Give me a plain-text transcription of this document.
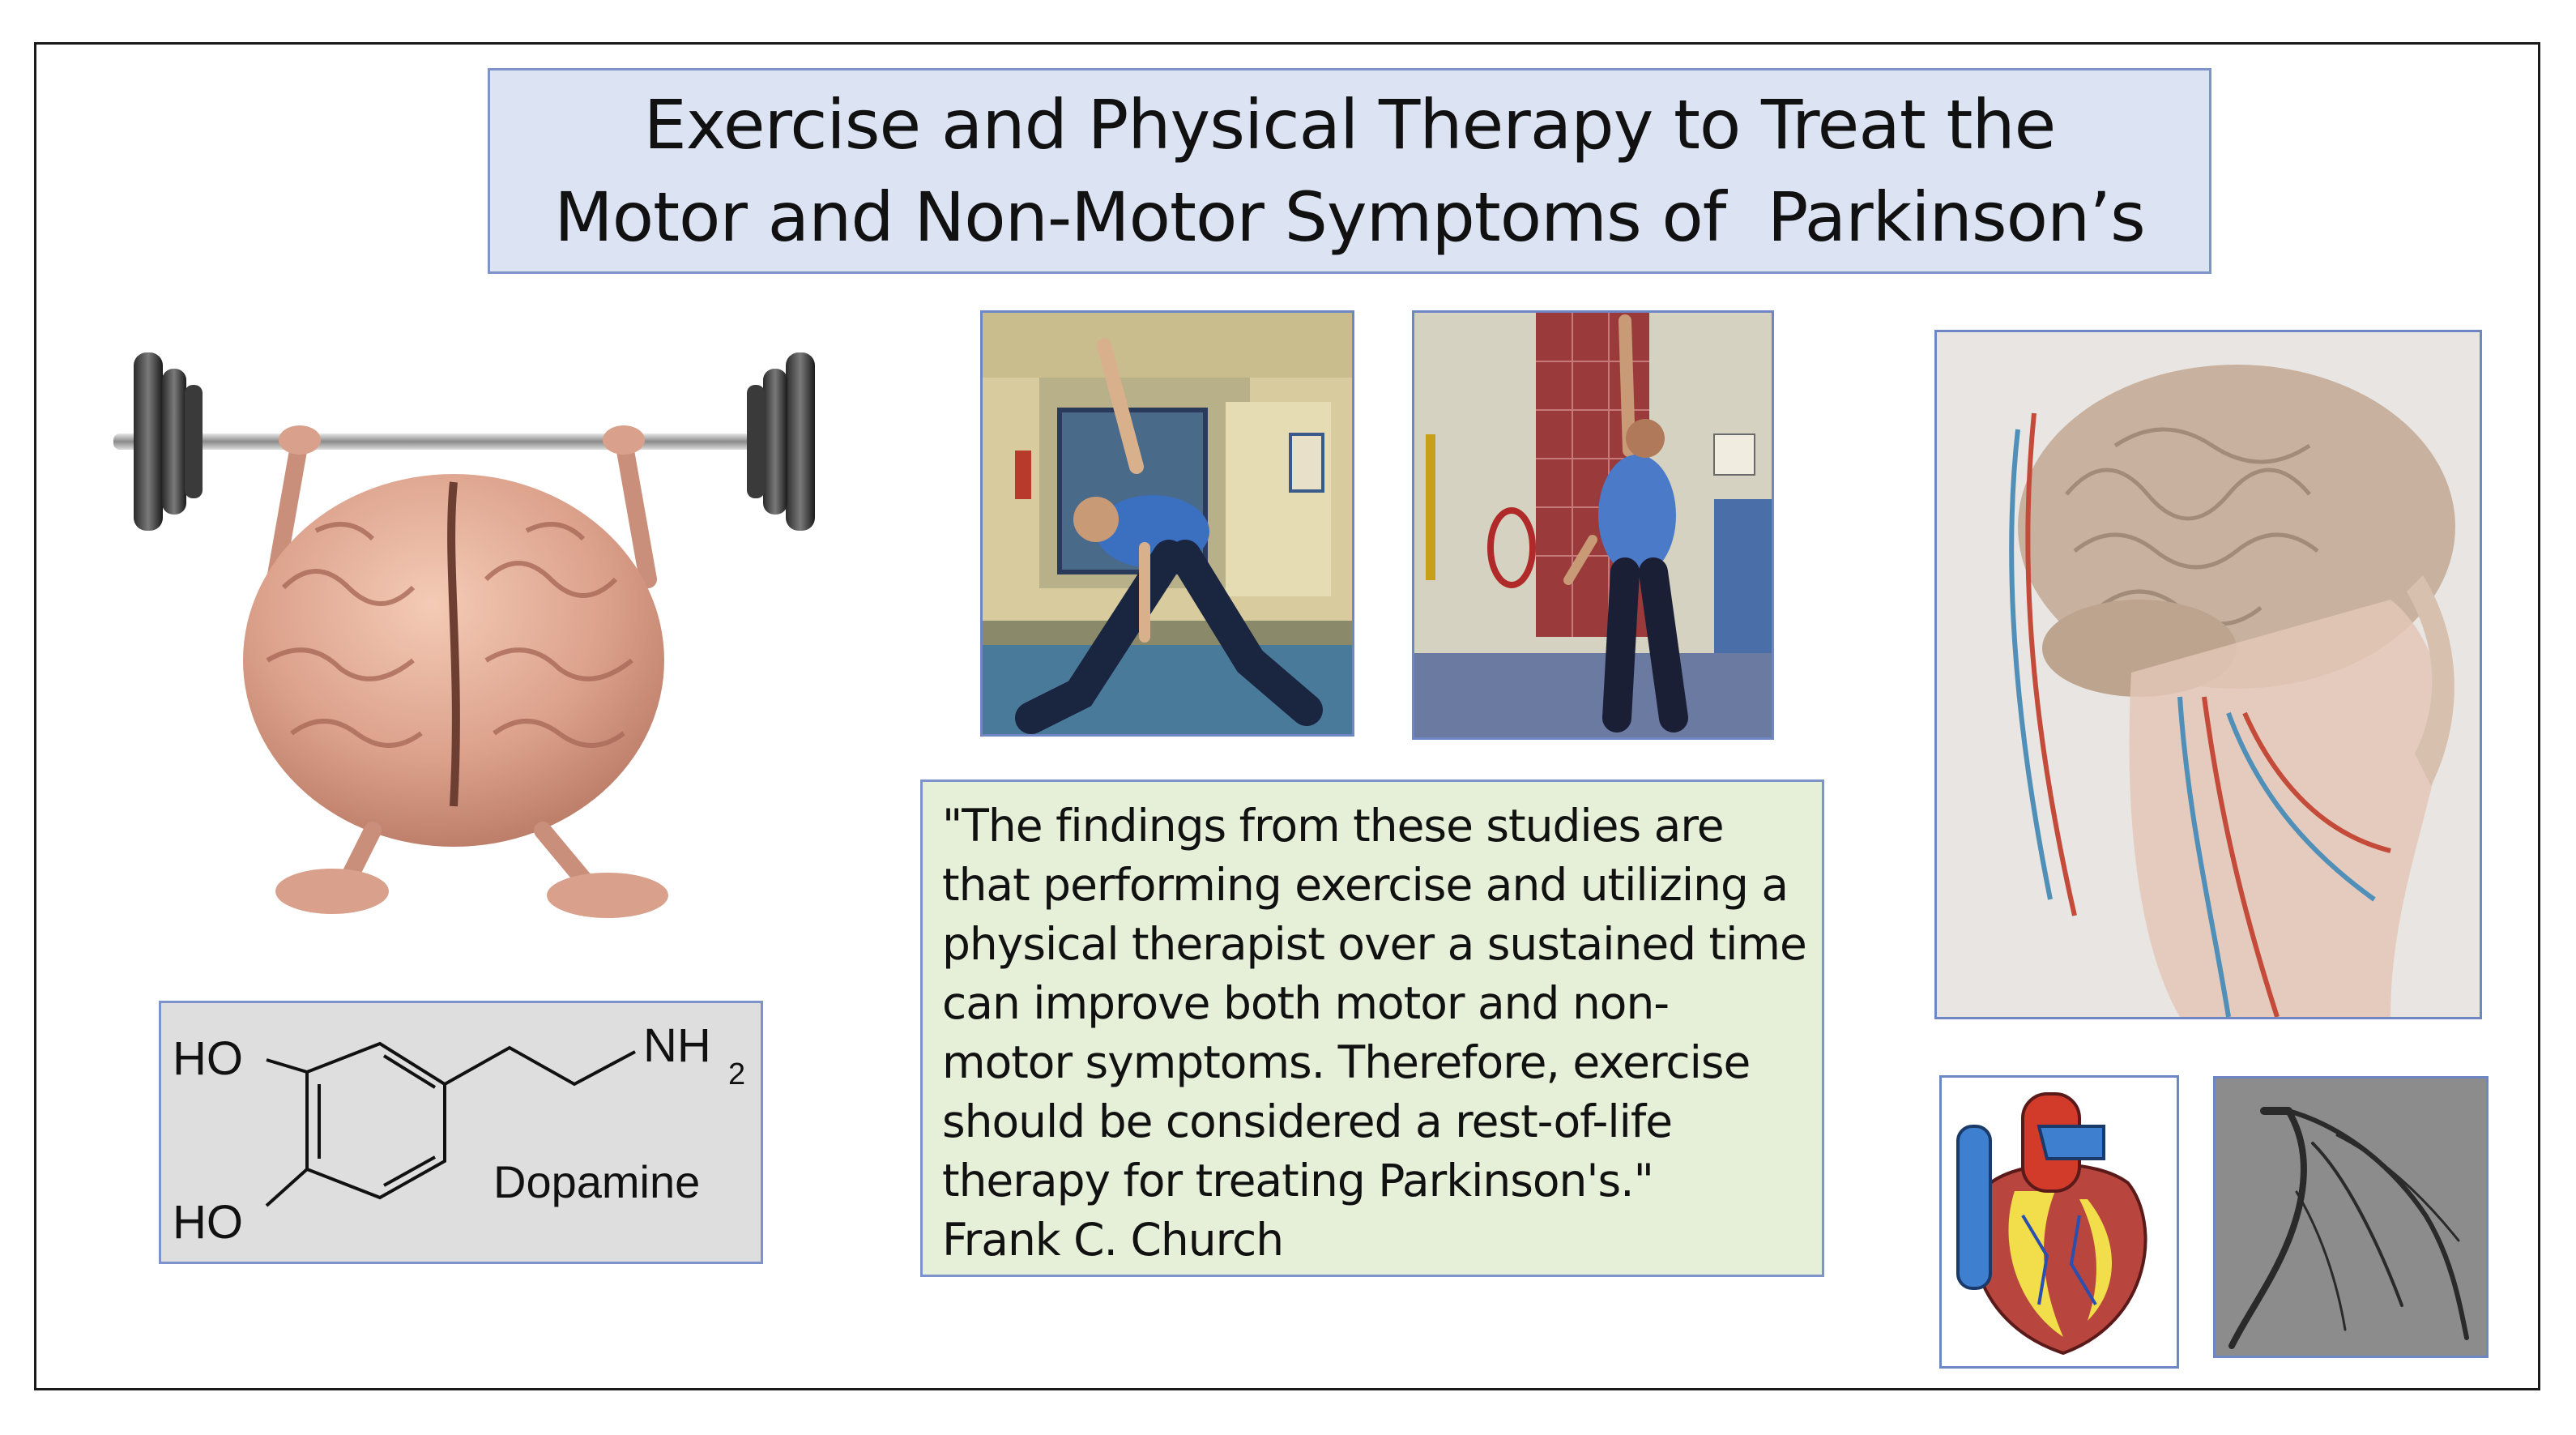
Exercise and Physical Therapy to Treat the
Motor and Non-Motor Symptoms of  Parkinson’s
HO
HO
NH
2
Dopamine
"The findings from these studies are
that performing exercise and utilizing a
physical therapist over a sustained time
can improve both motor and non-
motor symptoms. Therefore, exercise
should be considered a rest-of-life
therapy for treating Parkinson's."
Frank C. Church
